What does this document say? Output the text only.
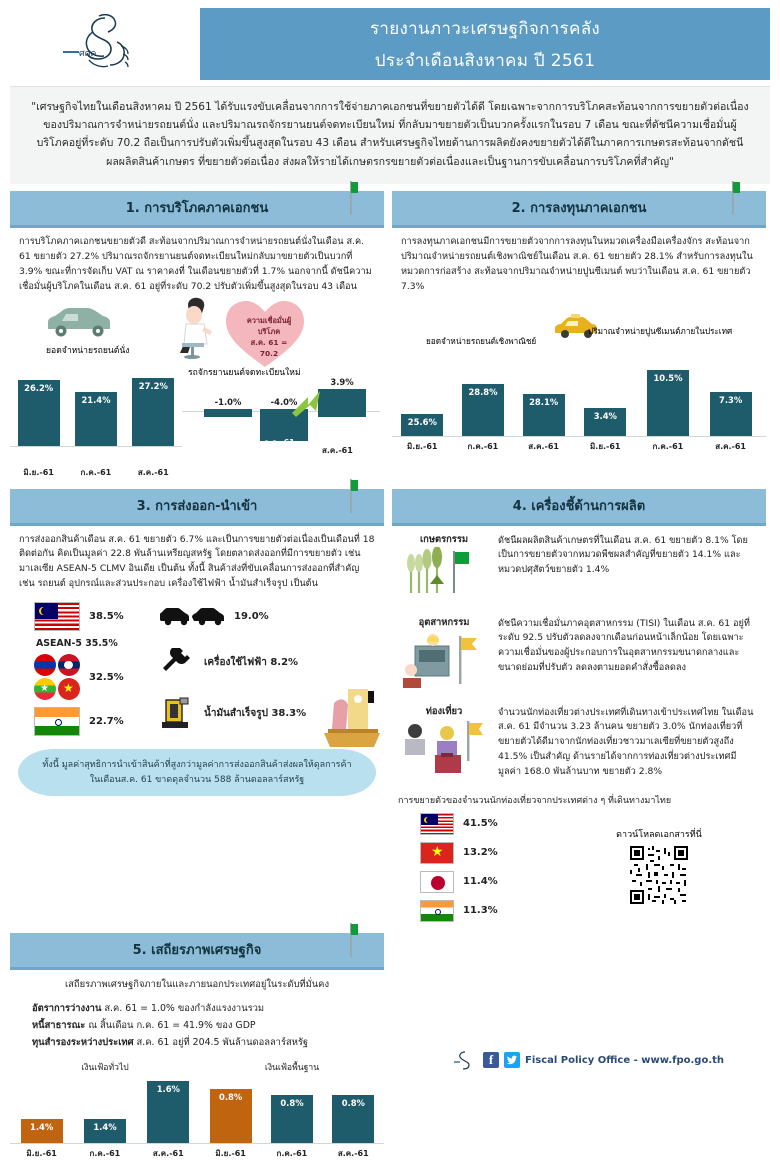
ศศค
รายงานภาวะเศรษฐกิจการคลัง
ประจำเดือนสิงหาคม ปี 2561
"เศรษฐกิจไทยในเดือนสิงหาคม ปี 2561 ได้รับแรงขับเคลื่อนจากการใช้จ่ายภาคเอกชนที่ขยายตัวได้ดี โดยเฉพาะจากการบริโภคสะท้อนจากการขยายตัวต่อเนื่องของปริมาณการจำหน่ายรถยนต์นั่ง และปริมาณรถจักรยานยนต์จดทะเบียนใหม่ ที่กลับมาขยายตัวเป็นบวกครั้งแรกในรอบ 7 เดือน ขณะที่ดัชนีความเชื่อมั่นผู้บริโภคอยู่ที่ระดับ 70.2 ถือเป็นการปรับตัวเพิ่มขึ้นสูงสุดในรอบ 43 เดือน สำหรับเศรษฐกิจไทยด้านการผลิตยังคงขยายตัวได้ดีในภาคการเกษตรสะท้อนจากดัชนีผลผลิตสินค้าเกษตร ที่ขยายตัวต่อเนื่อง ส่งผลให้รายได้เกษตรกรขยายตัวต่อเนื่องและเป็นฐานการขับเคลื่อนการบริโภคที่สำคัญ"
1. การบริโภคภาคเอกชน
การบริโภคภาคเอกชนขยายตัวดี สะท้อนจากปริมาณการจำหน่ายรถยนต์นั่งในเดือน ส.ค. 61 ขยายตัว 27.2% ปริมาณรถจักรยานยนต์จดทะเบียนใหม่กลับมาขยายตัวเป็นบวกที่ 3.9% ขณะที่การจัดเก็บ VAT ณ ราคาคงที่ ในเดือนขยายตัวที่ 1.7% นอกจากนี้ ดัชนีความเชื่อมั่นผู้บริโภคในเดือน ส.ค. 61 อยู่ที่ระดับ 70.2 ปรับตัวเพิ่มขึ้นสูงสุดในรอบ 43 เดือน
ความเชื่อมั่นผู้บริโภค
ส.ค. 61 = 70.2
ยอดจำหน่ายรถยนต์นั่ง
รถจักรยานยนต์จดทะเบียนใหม่
26.2%
21.4%
27.2%
-1.0%	-4.0%
3.9%
มิ.ย.-61	ก.ค.-61	ส.ค.-61
มิ.ย.-61
ก.ค.-61
ส.ค.-61
2. การลงทุนภาคเอกชน
การลงทุนภาคเอกชนมีการขยายตัวจากการลงทุนในหมวดเครื่องมือเครื่องจักร สะท้อนจากปริมาณจำหน่ายรถยนต์เชิงพาณิชย์ในเดือน ส.ค. 61 ขยายตัว 28.1% สำหรับการลงทุนในหมวดการก่อสร้าง สะท้อนจากปริมาณจำหน่ายปูนซีเมนต์ พบว่าในเดือน ส.ค. 61 ขยายตัว 7.3%
ยอดจำหน่ายรถยนต์เชิงพาณิชย์
ปริมาณจำหน่ายปูนซีเมนต์ภายในประเทศ
25.6%
28.8%
28.1%
3.4%
10.5%
7.3%
มิ.ย.-61	ก.ค.-61	ส.ค.-61	มิ.ย.-61	ก.ค.-61	ส.ค.-61
3. การส่งออก-นำเข้า
การส่งออกสินค้าเดือน ส.ค. 61 ขยายตัว 6.7% และเป็นการขยายตัวต่อเนื่องเป็นเดือนที่ 18 ติดต่อกัน คิดเป็นมูลค่า 22.8 พันล้านเหรียญสหรัฐ โดยตลาดส่งออกที่มีการขยายตัว เช่น มาเลเซีย ASEAN-5 CLMV อินเดีย เป็นต้น ทั้งนี้ สินค้าส่งที่ขับเคลื่อนการส่งออกที่สำคัญ เช่น รถยนต์ อุปกรณ์และส่วนประกอบ เครื่องใช้ไฟฟ้า น้ำมันสำเร็จรูป เป็นต้น
38.5%
ASEAN-5 35.5%
★ ★
32.5%
22.7%
19.0%
เครื่องใช้ไฟฟ้า 8.2%
น้ำมันสำเร็จรูป 38.3%
ทั้งนี้ มูลค่าสุทธิการนำเข้าสินค้าที่สูงกว่ามูลค่าการส่งออกสินค้าส่งผลให้ดุลการค้าในเดือนส.ค. 61 ขาดดุลจำนวน 588 ล้านดอลลาร์สหรัฐ
4. เครื่องชี้ด้านการผลิต
เกษตรกรรม	ดัชนีผลผลิตสินค้าเกษตรที่ในเดือน ส.ค. 61 ขยายตัว 8.1% โดยเป็นการขยายตัวจากหมวดพืชผลสำคัญที่ขยายตัว 14.1% และหมวดปศุสัตว์ขยายตัว 1.4%
อุตสาหกรรม	ดัชนีความเชื่อมั่นภาคอุตสาหกรรม (TISI) ในเดือน ส.ค. 61 อยู่ที่ระดับ 92.5 ปรับตัวลดลงจากเดือนก่อนหน้าเล็กน้อย โดยเฉพาะความเชื่อมั่นของผู้ประกอบการในอุตสาหกรรมขนาดกลางและขนาดย่อมที่ปรับตัว ลดลงตามยอดคำสั่งซื้อลดลง
ท่องเที่ยว	จำนวนนักท่องเที่ยวต่างประเทศที่เดินทางเข้าประเทศไทย ในเดือนส.ค. 61 มีจำนวน 3.23 ล้านคน ขยายตัว 3.0% นักท่องเที่ยวที่ขยายตัวได้ดีมาจากนักท่องเที่ยวชาวมาเลเซียที่ขยายตัวสูงถึง 41.5% เป็นสำคัญ ด้านรายได้จากการท่องเที่ยวต่างประเทศมีมูลค่า 168.0 พันล้านบาท ขยายตัว 2.8%
การขยายตัวของจำนวนนักท่องเที่ยวจากประเทศต่าง ๆ ที่เดินทางมาไทย
41.5%
★ 13.2%
11.4%
11.3%
ดาวน์โหลดเอกสารที่นี่
5. เสถียรภาพเศรษฐกิจ
เสถียรภาพเศรษฐกิจภายในและภายนอกประเทศอยู่ในระดับที่มั่นคง
อัตราการว่างงาน ส.ค. 61 = 1.0% ของกำลังแรงงานรวม
หนี้สาธารณะ ณ สิ้นเดือน ก.ค. 61 = 41.9% ของ GDP
ทุนสำรองระหว่างประเทศ ส.ค. 61 อยู่ที่ 204.5 พันล้านดอลลาร์สหรัฐ
เงินเฟ้อทั่วไป	เงินเฟ้อพื้นฐาน
1.4%	1.4%
1.6%
0.8%
0.8%	0.8%
มิ.ย.-61	ก.ค.-61	ส.ค.-61	มิ.ย.-61	ก.ค.-61	ส.ค.-61
f	Fiscal Policy Office - www.fpo.go.th
